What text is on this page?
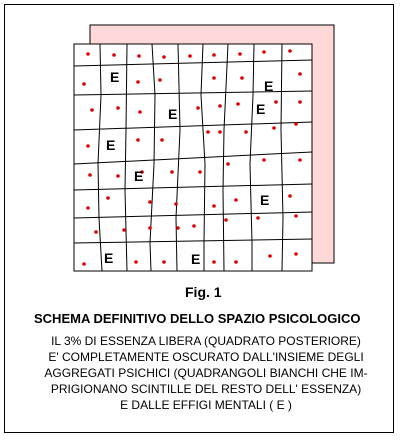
E
E
E	E
E
E
E
E	E
Fig. 1
SCHEMA DEFINITIVO DELLO SPAZIO PSICOLOGICO
IL 3% DI ESSENZA LIBERA (QUADRATO POSTERIORE)
E' COMPLETAMENTE OSCURATO DALL'INSIEME DEGLI
AGGREGATI PSICHICI (QUADRANGOLI BIANCHI CHE IM-
PRIGIONANO SCINTILLE DEL RESTO DELL' ESSENZA)
E DALLE EFFIGI MENTALI ( E )
